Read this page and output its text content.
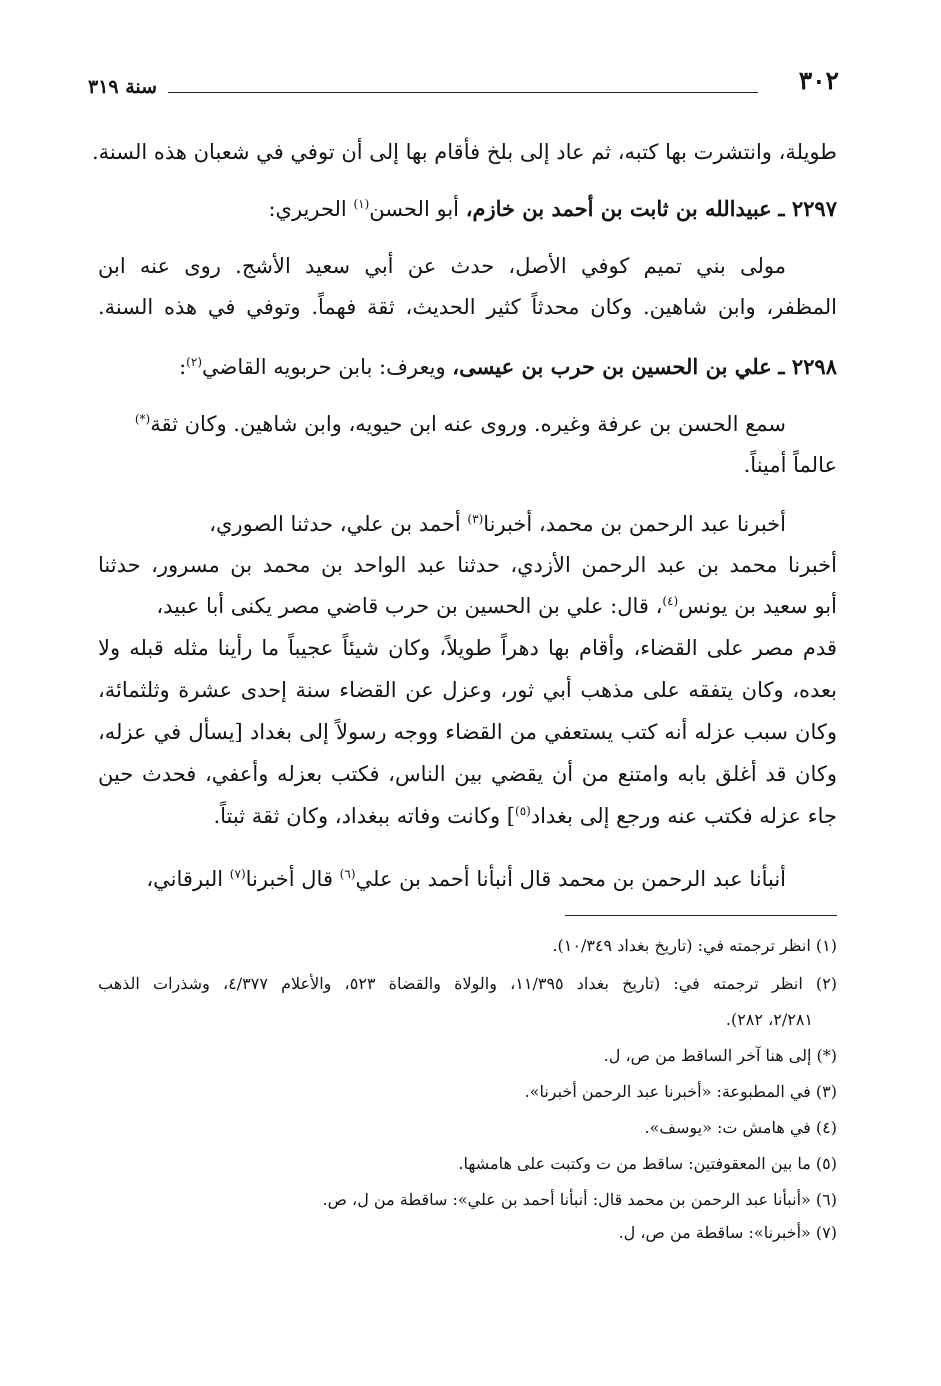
٣٠٢
سنة ٣١٩
طويلة، وانتشرت بها كتبه، ثم عاد إلى بلخ فأقام بها إلى أن توفي في شعبان هذه السنة.
٢٢٩٧ ـ عبيدالله بن ثابت بن أحمد بن خازم، أبو الحسن$^{(١)}$ الحريري:
مولى بني تميم كوفي الأصل، حدث عن أبي سعيد الأشج. روى عنه ابن
المظفر، وابن شاهين. وكان محدثاً كثير الحديث، ثقة فهماً. وتوفي في هذه السنة.
٢٢٩٨ ـ علي بن الحسين بن حرب بن عيسى، ويعرف: بابن حربويه القاضي$^{(٢)}$:
سمع الحسن بن عرفة وغيره. وروى عنه ابن حيويه، وابن شاهين. وكان ثقة(*)
عالماً أميناً.
أخبرنا عبد الرحمن بن محمد، أخبرنا$^{(٣)}$ أحمد بن علي، حدثنا الصوري،
أخبرنا محمد بن عبد الرحمن الأزدي، حدثنا عبد الواحد بن محمد بن مسرور، حدثنا
أبو سعيد بن يونس$^{(٤)}$، قال: علي بن الحسين بن حرب قاضي مصر يكنى أبا عبيد،
قدم مصر على القضاء، وأقام بها دهراً طويلاً، وكان شيئاً عجيباً ما رأينا مثله قبله ولا
بعده، وكان يتفقه على مذهب أبي ثور، وعزل عن القضاء سنة إحدى عشرة وثلثمائة،
وكان سبب عزله أنه كتب يستعفي من القضاء ووجه رسولاً إلى بغداد [يسأل في عزله،
وكان قد أغلق بابه وامتنع من أن يقضي بين الناس، فكتب بعزله وأعفي، فحدث حين
جاء عزله فكتب عنه ورجع إلى بغداد$^{(٥)}$] وكانت وفاته ببغداد، وكان ثقة ثبتاً.
أنبأنا عبد الرحمن بن محمد قال أنبأنا أحمد بن علي$^{(٦)}$ قال أخبرنا$^{(٧)}$ البرقاني،
(١) انظر ترجمته في: (تاريخ بغداد ١٠/٣٤٩).
(٢) انظر ترجمته في: (تاريخ بغداد ١١/٣٩٥، والولاة والقضاة ٥٢٣، والأعلام ٤/٣٧٧، وشذرات الذهب
٢/٢٨١، ٢٨٢).
(*) إلى هنا آخر الساقط من ص، ل.
(٣) في المطبوعة: «أخبرنا عبد الرحمن أخبرنا».
(٤) في هامش ت: «يوسف».
(٥) ما بين المعقوفتين: ساقط من ت وكتبت على هامشها.
(٦) «أنبأنا عبد الرحمن بن محمد قال: أنبأنا أحمد بن علي»: ساقطة من ل، ص.
(٧) «أخبرنا»: ساقطة من ص، ل.
